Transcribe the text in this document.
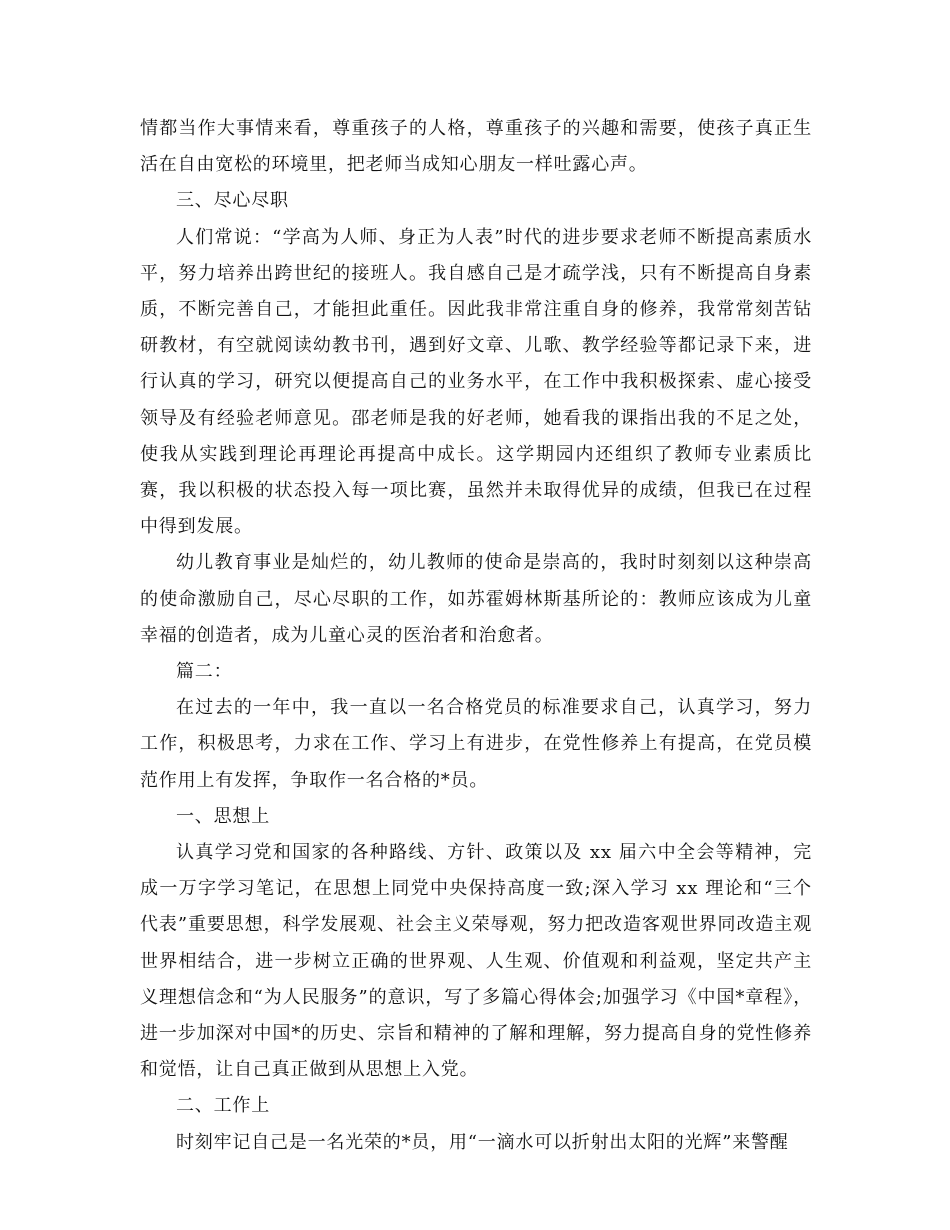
情都当作大事情来看，尊重孩子的人格，尊重孩子的兴趣和需要，使孩子真正生活在自由宽松的环境里，把老师当成知心朋友一样吐露心声。

三、尽心尽职

人们常说：“学高为人师、身正为人表”时代的进步要求老师不断提高素质水平，努力培养出跨世纪的接班人。我自感自己是才疏学浅，只有不断提高自身素质，不断完善自己，才能担此重任。因此我非常注重自身的修养，我常常刻苦钻研教材，有空就阅读幼教书刊，遇到好文章、儿歌、教学经验等都记录下来，进行认真的学习，研究以便提高自己的业务水平，在工作中我积极探索、虚心接受领导及有经验老师意见。邵老师是我的好老师，她看我的课指出我的不足之处，使我从实践到理论再理论再提高中成长。这学期园内还组织了教师专业素质比赛，我以积极的状态投入每一项比赛，虽然并未取得优异的成绩，但我已在过程中得到发展。

幼儿教育事业是灿烂的，幼儿教师的使命是崇高的，我时时刻刻以这种崇高的使命激励自己，尽心尽职的工作，如苏霍姆林斯基所论的：教师应该成为儿童幸福的创造者，成为儿童心灵的医治者和治愈者。

篇二：

在过去的一年中，我一直以一名合格党员的标准要求自己，认真学习，努力工作，积极思考，力求在工作、学习上有进步，在党性修养上有提高，在党员模范作用上有发挥，争取作一名合格的*员。

一、思想上

认真学习党和国家的各种路线、方针、政策以及 xx 届六中全会等精神，完成一万字学习笔记，在思想上同党中央保持高度一致;深入学习 xx 理论和“三个代表”重要思想，科学发展观、社会主义荣辱观，努力把改造客观世界同改造主观世界相结合，进一步树立正确的世界观、人生观、价值观和利益观，坚定共产主义理想信念和“为人民服务”的意识，写了多篇心得体会;加强学习《中国*章程》，进一步加深对中国*的历史、宗旨和精神的了解和理解，努力提高自身的党性修养和觉悟，让自己真正做到从思想上入党。

二、工作上

时刻牢记自己是一名光荣的*员，用“一滴水可以折射出太阳的光辉”来警醒
